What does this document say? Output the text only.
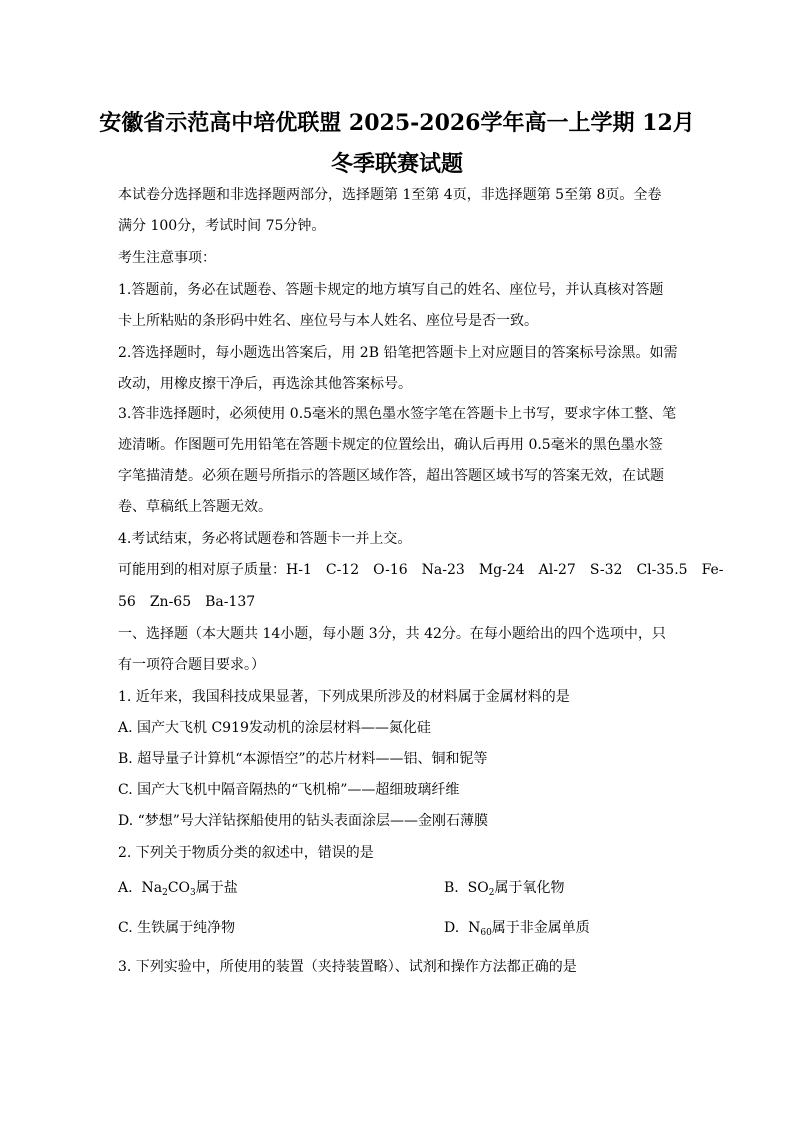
安徽省示范高中培优联盟 2025-2026学年高一上学期 12月
冬季联赛试题
本试卷分选择题和非选择题两部分，选择题第 1至第 4页，非选择题第 5至第 8页。全卷
满分 100分，考试时间 75分钟。
考生注意事项：
1.答题前，务必在试题卷、答题卡规定的地方填写自己的姓名、座位号，并认真核对答题
卡上所粘贴的条形码中姓名、座位号与本人姓名、座位号是否一致。
2.答选择题时，每小题选出答案后，用 2B 铅笔把答题卡上对应题目的答案标号涂黑。如需
改动，用橡皮擦干净后，再选涂其他答案标号。
3.答非选择题时，必须使用 0.5毫米的黑色墨水签字笔在答题卡上书写，要求字体工整、笔
迹清晰。作图题可先用铅笔在答题卡规定的位置绘出，确认后再用 0.5毫米的黑色墨水签
字笔描清楚。必须在题号所指示的答题区域作答，超出答题区域书写的答案无效，在试题
卷、草稿纸上答题无效。
4.考试结束，务必将试题卷和答题卡一并上交。
可能用到的相对原子质量：H-1 C-12 O-16 Na-23 Mg-24 Al-27 S-32 Cl-35.5 Fe-
56 Zn-65 Ba-137
一、选择题（本大题共 14小题，每小题 3分，共 42分。在每小题给出的四个选项中，只
有一项符合题目要求。）
1. 近年来，我国科技成果显著，下列成果所涉及的材料属于金属材料的是
A. 国产大飞机 C919发动机的涂层材料——氮化硅
B. 超导量子计算机“本源悟空”的芯片材料——铝、铜和铌等
C. 国产大飞机中隔音隔热的“飞机棉”——超细玻璃纤维
D. “梦想”号大洋钻探船使用的钻头表面涂层——金刚石薄膜
2. 下列关于物质分类的叙述中，错误的是
A. $Na_2CO_3$属于盐	B. $SO_2$属于氧化物
C. 生铁属于纯净物	D. $N_{60}$属于非金属单质
3. 下列实验中，所使用的装置（夹持装置略）、试剂和操作方法都正确的是
